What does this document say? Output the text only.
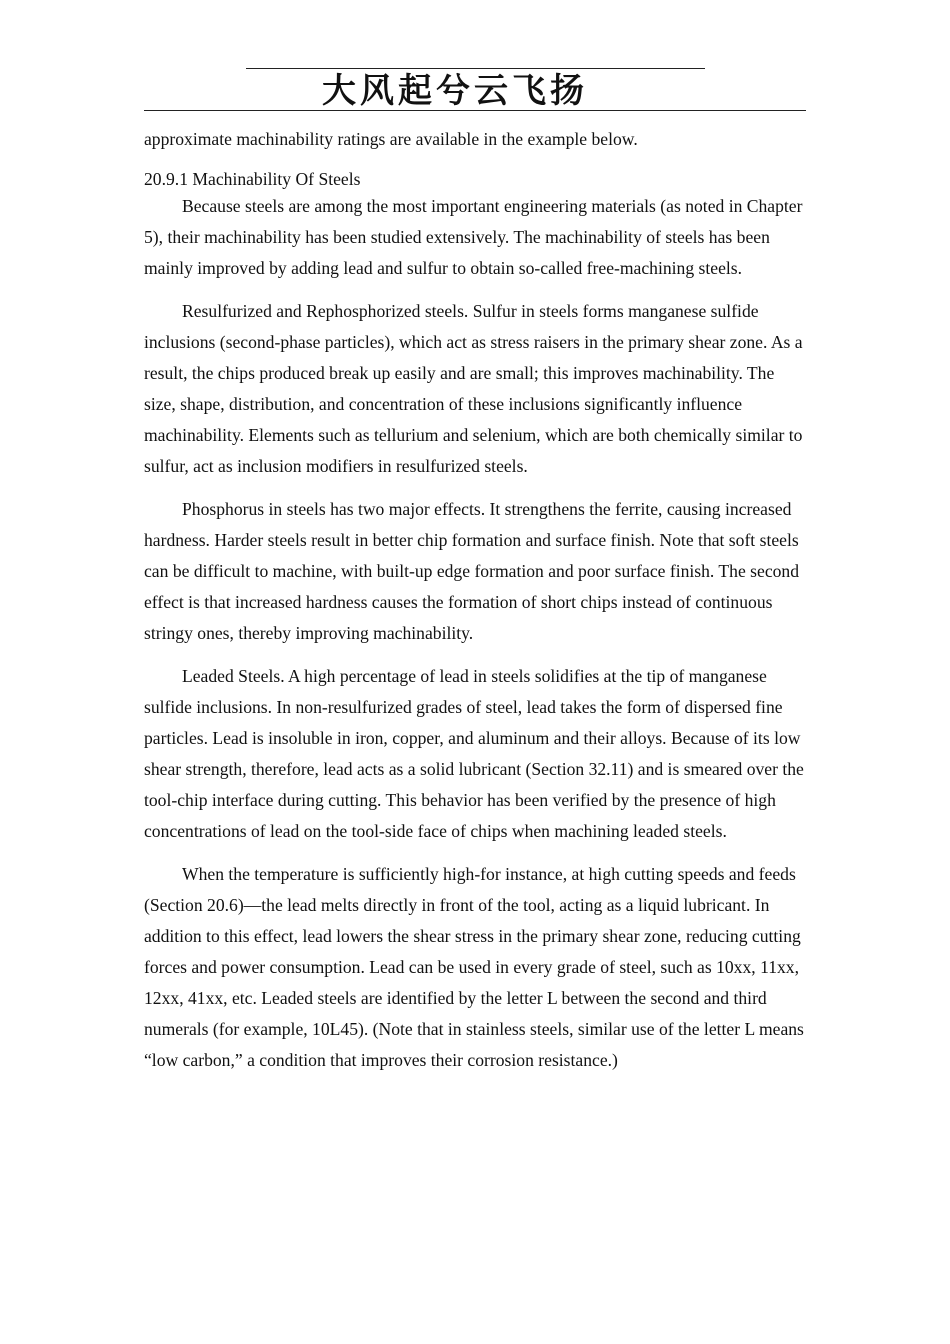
大风起兮云飞扬

approximate machinability ratings are available in the example below.

20.9.1 Machinability Of Steels

Because steels are among the most important engineering materials (as noted in Chapter 5), their machinability has been studied extensively. The machinability of steels has been mainly improved by adding lead and sulfur to obtain so-called free-machining steels.

Resulfurized and Rephosphorized steels. Sulfur in steels forms manganese sulfide inclusions (second-phase particles), which act as stress raisers in the primary shear zone. As a result, the chips produced break up easily and are small; this improves machinability. The size, shape, distribution, and concentration of these inclusions significantly influence machinability. Elements such as tellurium and selenium, which are both chemically similar to sulfur, act as inclusion modifiers in resulfurized steels.

Phosphorus in steels has two major effects. It strengthens the ferrite, causing increased hardness. Harder steels result in better chip formation and surface finish. Note that soft steels can be difficult to machine, with built-up edge formation and poor surface finish. The second effect is that increased hardness causes the formation of short chips instead of continuous stringy ones, thereby improving machinability.

Leaded Steels. A high percentage of lead in steels solidifies at the tip of manganese sulfide inclusions. In non-resulfurized grades of steel, lead takes the form of dispersed fine particles. Lead is insoluble in iron, copper, and aluminum and their alloys. Because of its low shear strength, therefore, lead acts as a solid lubricant (Section 32.11) and is smeared over the tool-chip interface during cutting. This behavior has been verified by the presence of high concentrations of lead on the tool-side face of chips when machining leaded steels.

When the temperature is sufficiently high-for instance, at high cutting speeds and feeds (Section 20.6)—the lead melts directly in front of the tool, acting as a liquid lubricant. In addition to this effect, lead lowers the shear stress in the primary shear zone, reducing cutting forces and power consumption. Lead can be used in every grade of steel, such as 10xx, 11xx, 12xx, 41xx, etc. Leaded steels are identified by the letter L between the second and third numerals (for example, 10L45). (Note that in stainless steels, similar use of the letter L means “low carbon,” a condition that improves their corrosion resistance.)
